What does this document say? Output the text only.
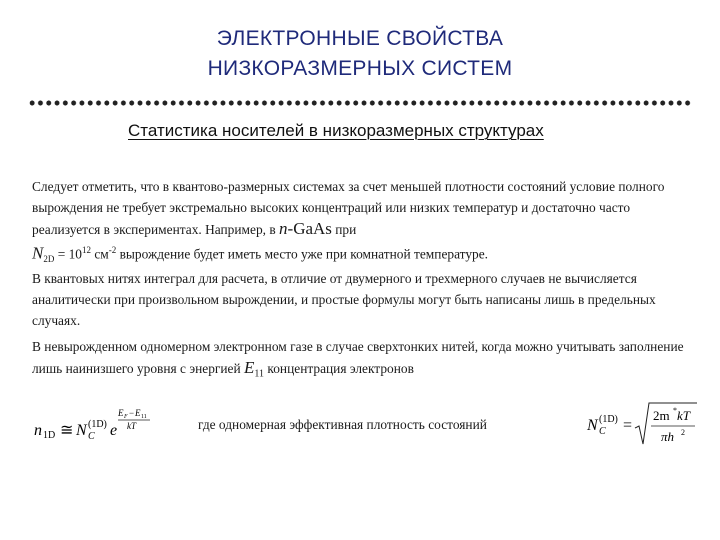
ЭЛЕКТРОННЫЕ СВОЙСТВА
НИЗКОРАЗМЕРНЫХ СИСТЕМ
Статистика носителей в низкоразмерных структурах
Следует отметить, что в квантово-размерных системах за счет меньшей плотности состояний условие полного вырождения не требует экстремально высоких концентраций или низких температур и достаточно часто реализуется в экспериментах. Например, в n-GaAs при
$N_{2D} = 10^{12}$ $см^{-2}$ вырождение будет иметь место уже при комнатной температуре.
В квантовых нитях интеграл для расчета, в отличие от двумерного и трехмерного случаев не вычисляется аналитически при произвольном вырождении, и простые формулы могут быть написаны лишь в предельных случаях.
В невырожденном одномерном электронном газе в случае сверхтонких нитей, когда можно учитывать заполнение лишь наинизшего уровня с энергией $E_{11}$ концентрация электронов
n 1D ≅ N (1D)
C e
E F − E 11
kT	где одномерная эффективная плотность состояний	N (1D)
C =
2m * kT
πh 2
